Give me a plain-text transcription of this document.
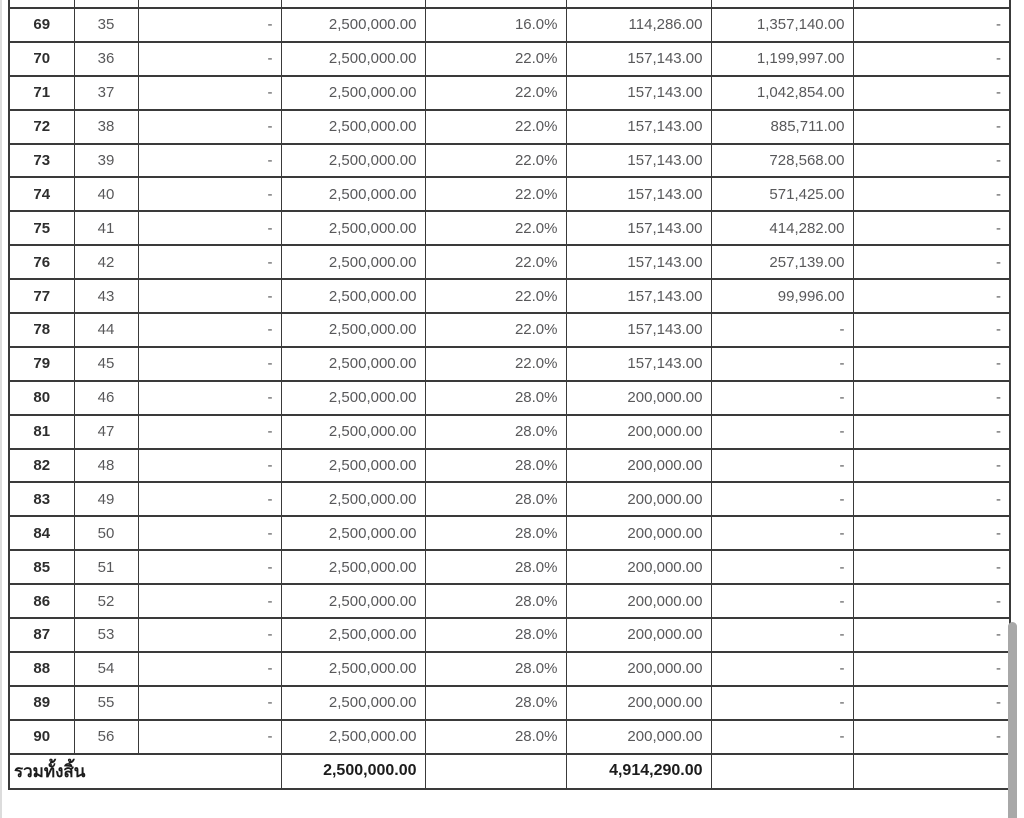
69	35	-	2,500,000.00	16.0%	114,286.00	1,357,140.00	-
70	36	-	2,500,000.00	22.0%	157,143.00	1,199,997.00	-
71	37	-	2,500,000.00	22.0%	157,143.00	1,042,854.00	-
72	38	-	2,500,000.00	22.0%	157,143.00	885,711.00	-
73	39	-	2,500,000.00	22.0%	157,143.00	728,568.00	-
74	40	-	2,500,000.00	22.0%	157,143.00	571,425.00	-
75	41	-	2,500,000.00	22.0%	157,143.00	414,282.00	-
76	42	-	2,500,000.00	22.0%	157,143.00	257,139.00	-
77	43	-	2,500,000.00	22.0%	157,143.00	99,996.00	-
78	44	-	2,500,000.00	22.0%	157,143.00	-	-
79	45	-	2,500,000.00	22.0%	157,143.00	-	-
80	46	-	2,500,000.00	28.0%	200,000.00	-	-
81	47	-	2,500,000.00	28.0%	200,000.00	-	-
82	48	-	2,500,000.00	28.0%	200,000.00	-	-
83	49	-	2,500,000.00	28.0%	200,000.00	-	-
84	50	-	2,500,000.00	28.0%	200,000.00	-	-
85	51	-	2,500,000.00	28.0%	200,000.00	-	-
86	52	-	2,500,000.00	28.0%	200,000.00	-	-
87	53	-	2,500,000.00	28.0%	200,000.00	-	-
88	54	-	2,500,000.00	28.0%	200,000.00	-	-
89	55	-	2,500,000.00	28.0%	200,000.00	-	-
90	56	-	2,500,000.00	28.0%	200,000.00	-	-
รวมทั้งสิ้น			2,500,000.00		4,914,290.00		
